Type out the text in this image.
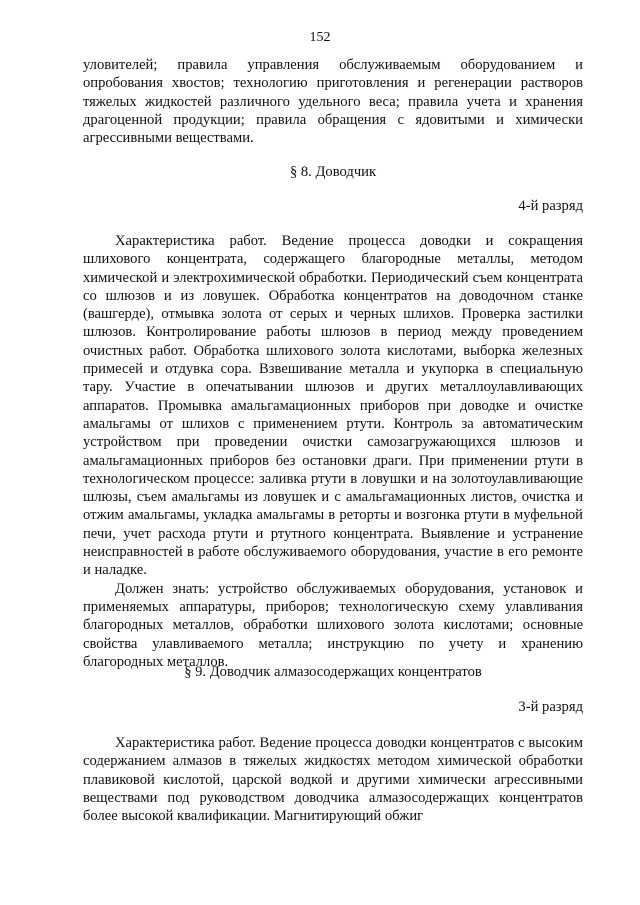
152

уловителей; правила управления обслуживаемым оборудованием и опробования хвостов; технологию приготовления и регенерации растворов тяжелых жидкостей различного удельного веса; правила учета и хранения драгоценной продукции; правила обращения с ядовитыми и химически агрессивными веществами.

§ 8. Доводчик

4-й разряд

Характеристика работ. Ведение процесса доводки и сокращения шлихового концентрата, содержащего благородные металлы, методом химической и электрохимической обработки. Периодический съем концентрата со шлюзов и из ловушек. Обработка концентратов на доводочном станке (вашгерде), отмывка золота от серых и черных шлихов. Проверка застилки шлюзов. Контролирование работы шлюзов в период между проведением очистных работ. Обработка шлихового золота кислотами, выборка железных примесей и отдувка сора. Взвешивание металла и укупорка в специальную тару. Участие в опечатывании шлюзов и других металлоулавливающих аппаратов. Промывка амальгамационных приборов при доводке и очистке амальгамы от шлихов с применением ртути. Контроль за автоматическим устройством при проведении очистки самозагружающихся шлюзов и амальгамационных приборов без остановки драги. При применении ртути в технологическом процессе: заливка ртути в ловушки и на золотоулавливающие шлюзы, съем амальгамы из ловушек и с амальгамационных листов, очистка и отжим амальгамы, укладка амальгамы в реторты и возгонка ртути в муфельной печи, учет расхода ртути и ртутного концентрата. Выявление и устранение неисправностей в работе обслуживаемого оборудования, участие в его ремонте и наладке.

Должен знать: устройство обслуживаемых оборудования, установок и применяемых аппаратуры, приборов; технологическую схему улавливания благородных металлов, обработки шлихового золота кислотами; основные свойства улавливаемого металла; инструкцию по учету и хранению благородных металлов.

§ 9. Доводчик алмазосодержащих концентратов

3-й разряд

Характеристика работ. Ведение процесса доводки концентратов с высоким содержанием алмазов в тяжелых жидкостях методом химической обработки плавиковой кислотой, царской водкой и другими химически агрессивными веществами под руководством доводчика алмазосодержащих концентратов более высокой квалификации. Магнитирующий обжиг
